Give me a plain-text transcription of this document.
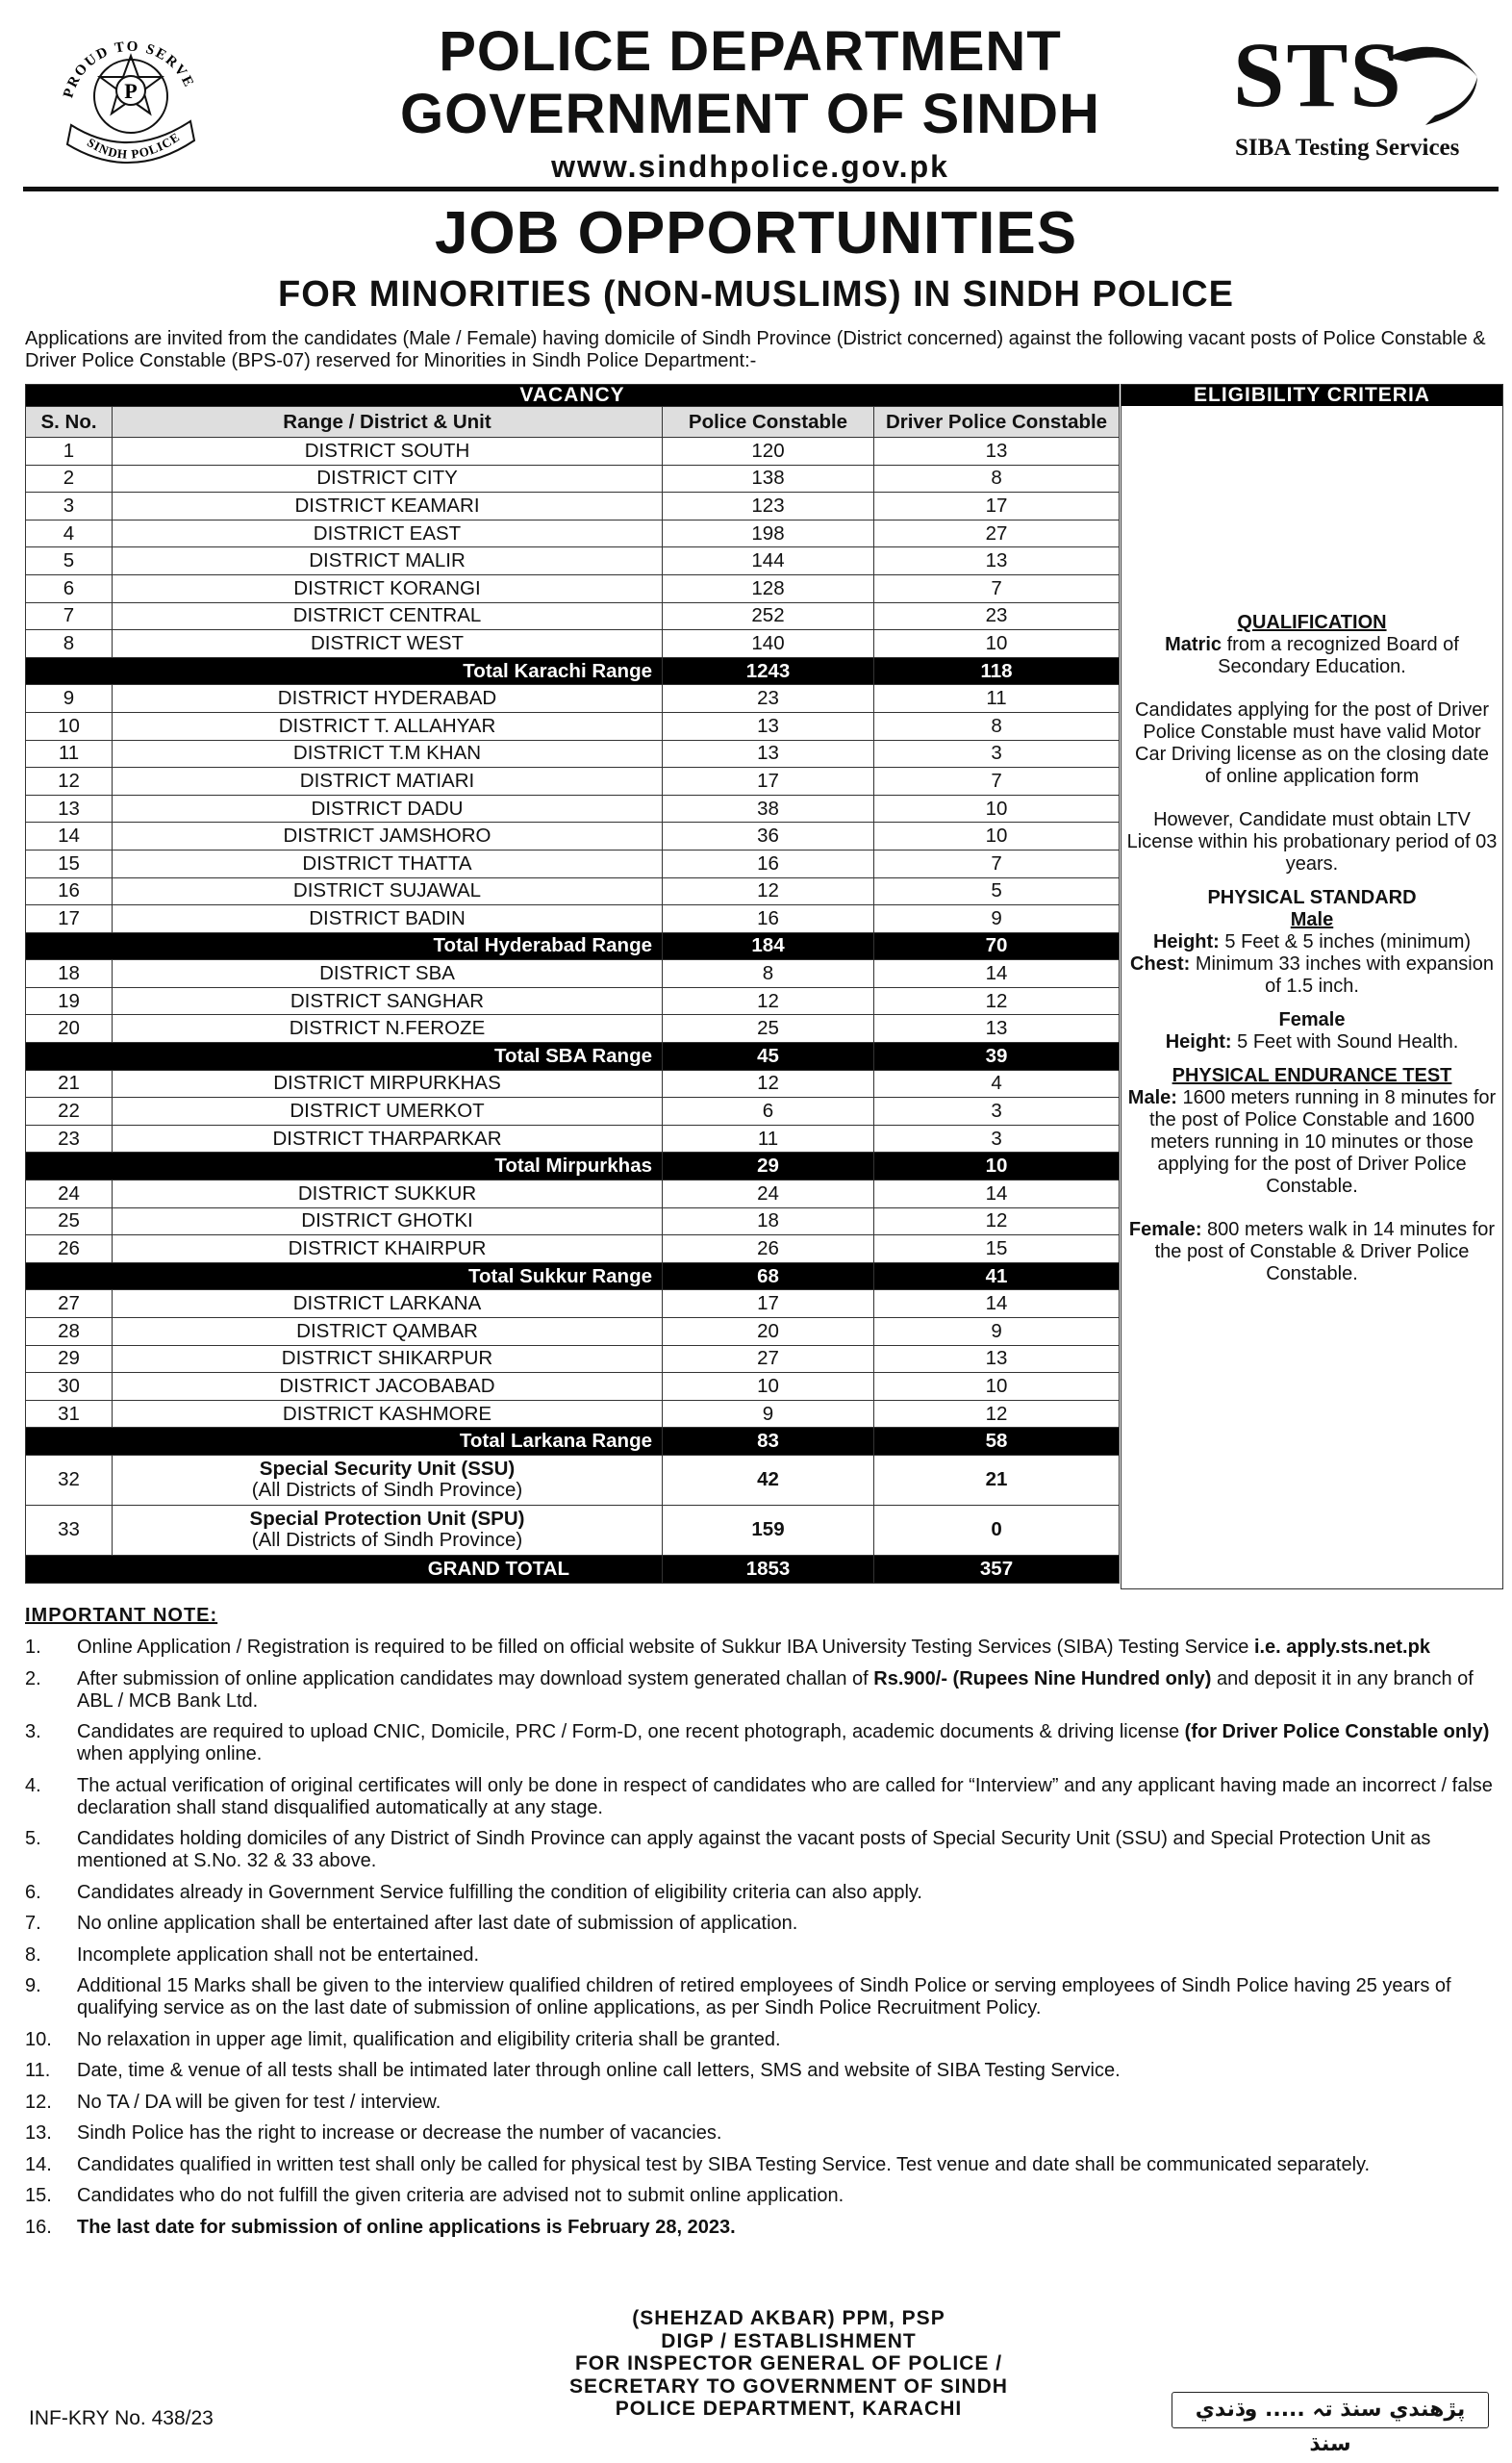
PROUD TO SERVE
P
SINDH POLICE
POLICE DEPARTMENT
GOVERNMENT OF SINDH
www.sindhpolice.gov.pk
STS
SIBA Testing Services
JOB OPPORTUNITIES
FOR MINORITIES (NON-MUSLIMS) IN SINDH POLICE
Applications are invited from the candidates (Male / Female) having domicile of Sindh Province (District concerned) against the following vacant posts of Police Constable & Driver Police Constable (BPS-07) reserved for Minorities in Sindh Police Department:-
VACANCY			
S. No.	Range / District & Unit	Police Constable	Driver Police Constable
1	DISTRICT SOUTH	120	13
2	DISTRICT CITY	138	8
3	DISTRICT KEAMARI	123	17
4	DISTRICT EAST	198	27
5	DISTRICT MALIR	144	13
6	DISTRICT KORANGI	128	7
7	DISTRICT CENTRAL	252	23
8	DISTRICT WEST	140	10
Total Karachi Range		1243	118
9	DISTRICT HYDERABAD	23	11
10	DISTRICT T. ALLAHYAR	13	8
11	DISTRICT T.M KHAN	13	3
12	DISTRICT MATIARI	17	7
13	DISTRICT DADU	38	10
14	DISTRICT JAMSHORO	36	10
15	DISTRICT THATTA	16	7
16	DISTRICT SUJAWAL	12	5
17	DISTRICT BADIN	16	9
Total Hyderabad Range		184	70
18	DISTRICT SBA	8	14
19	DISTRICT SANGHAR	12	12
20	DISTRICT N.FEROZE	25	13
Total SBA Range		45	39
21	DISTRICT MIRPURKHAS	12	4
22	DISTRICT UMERKOT	6	3
23	DISTRICT THARPARKAR	11	3
Total Mirpurkhas		29	10
24	DISTRICT SUKKUR	24	14
25	DISTRICT GHOTKI	18	12
26	DISTRICT KHAIRPUR	26	15
Total Sukkur Range		68	41
27	DISTRICT LARKANA	17	14
28	DISTRICT QAMBAR	20	9
29	DISTRICT SHIKARPUR	27	13
30	DISTRICT JACOBABAD	10	10
31	DISTRICT KASHMORE	9	12
Total Larkana Range		83	58
32	Special Security Unit (SSU)
(All Districts of Sindh Province)	42	21
33	Special Protection Unit (SPU)
(All Districts of Sindh Province)	159	0
GRAND TOTAL		1853	357
ELIGIBILITY CRITERIA
QUALIFICATION
Matric from a recognized Board of Secondary Education.
Candidates applying for the post of Driver Police Constable must have valid Motor Car Driving license as on the closing date of online application form
However, Candidate must obtain LTV License within his probationary period of 03 years.
PHYSICAL STANDARD
Male
Height: 5 Feet & 5 inches (minimum)
Chest: Minimum 33 inches with expansion of 1.5 inch.
Female
Height: 5 Feet with Sound Health.
PHYSICAL ENDURANCE TEST
Male: 1600 meters running in 8 minutes for the post of Police Constable and 1600 meters running in 10 minutes or those applying for the post of Driver Police Constable.
Female: 800 meters walk in 14 minutes for the post of Constable & Driver Police Constable.
IMPORTANT NOTE:
1.	Online Application / Registration is required to be filled on official website of Sukkur IBA University Testing Services (SIBA) Testing Service i.e. apply.sts.net.pk
2.	After submission of online application candidates may download system generated challan of Rs.900/- (Rupees Nine Hundred only) and deposit it in any branch of ABL / MCB Bank Ltd.
3.	Candidates are required to upload CNIC, Domicile, PRC / Form-D, one recent photograph, academic documents & driving license (for Driver Police Constable only) when applying online.
4.	The actual verification of original certificates will only be done in respect of candidates who are called for “Interview” and any applicant having made an incorrect / false declaration shall stand disqualified automatically at any stage.
5.	Candidates holding domiciles of any District of Sindh Province can apply against the vacant posts of Special Security Unit (SSU) and Special Protection Unit as mentioned at S.No. 32 & 33 above.
6.	Candidates already in Government Service fulfilling the condition of eligibility criteria can also apply.
7.	No online application shall be entertained after last date of submission of application.
8.	Incomplete application shall not be entertained.
9.	Additional 15 Marks shall be given to the interview qualified children of retired employees of Sindh Police or serving employees of Sindh Police having 25 years of qualifying service as on the last date of submission of online applications, as per Sindh Police Recruitment Policy.
10.	No relaxation in upper age limit, qualification and eligibility criteria shall be granted.
11.	Date, time & venue of all tests shall be intimated later through online call letters, SMS and website of SIBA Testing Service.
12.	No TA / DA will be given for test / interview.
13.	Sindh Police has the right to increase or decrease the number of vacancies.
14.	Candidates qualified in written test shall only be called for physical test by SIBA Testing Service. Test venue and date shall be communicated separately.
15.	Candidates who do not fulfill the given criteria are advised not to submit online application.
16.	The last date for submission of online applications is February 28, 2023.
(SHEHZAD AKBAR) PPM, PSP
DIGP / ESTABLISHMENT
FOR INSPECTOR GENERAL OF POLICE /
SECRETARY TO GOVERNMENT OF SINDH
POLICE DEPARTMENT, KARACHI
INF-KRY No. 438/23	پڙهندي سنڌ تہ ..... وڌندي سنڌ
